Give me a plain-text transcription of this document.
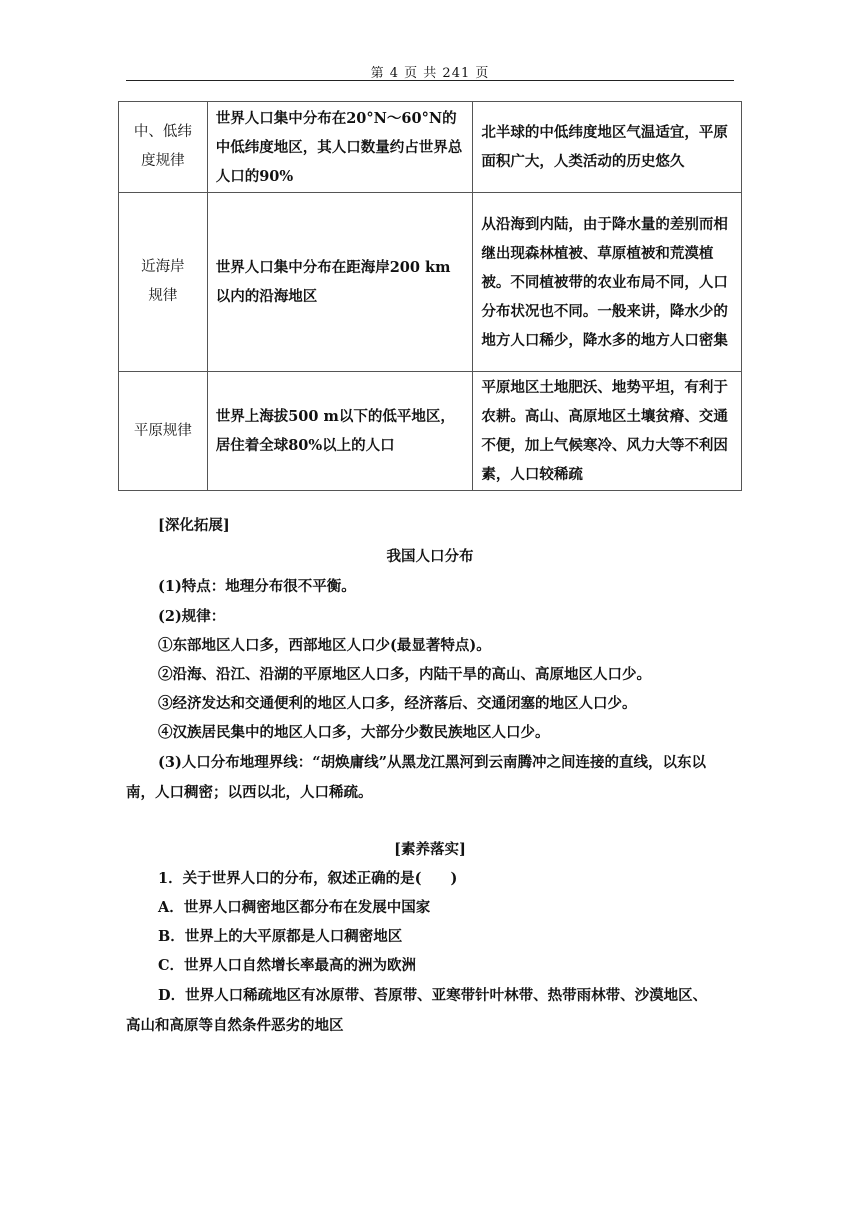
第 4 页 共 241 页
中、低纬
度规律	世界人口集中分布在20°N～60°N的中低纬度地区，其人口数量约占世界总人口的90%	北半球的中低纬度地区气温适宜，平原面积广大，人类活动的历史悠久
近海岸
规律	世界人口集中分布在距海岸200 km以内的沿海地区	从沿海到内陆，由于降水量的差别而相继出现森林植被、草原植被和荒漠植被。不同植被带的农业布局不同，人口分布状况也不同。一般来讲，降水少的地方人口稀少，降水多的地方人口密集
平原规律	世界上海拔500 m以下的低平地区，居住着全球80%以上的人口	平原地区土地肥沃、地势平坦，有利于农耕。高山、高原地区土壤贫瘠、交通不便，加上气候寒冷、风力大等不利因素，人口较稀疏
[深化拓展]
我国人口分布
(1)特点：地理分布很不平衡。
(2)规律：
①东部地区人口多，西部地区人口少(最显著特点)。
②沿海、沿江、沿湖的平原地区人口多，内陆干旱的高山、高原地区人口少。
③经济发达和交通便利的地区人口多，经济落后、交通闭塞的地区人口少。
④汉族居民集中的地区人口多，大部分少数民族地区人口少。
(3)人口分布地理界线：“胡焕庸线”从黑龙江黑河到云南腾冲之间连接的直线，以东以
南，人口稠密；以西以北，人口稀疏。
[素养落实]
1．关于世界人口的分布，叙述正确的是(　　)
A．世界人口稠密地区都分布在发展中国家
B．世界上的大平原都是人口稠密地区
C．世界人口自然增长率最高的洲为欧洲
D．世界人口稀疏地区有冰原带、苔原带、亚寒带针叶林带、热带雨林带、沙漠地区、
高山和高原等自然条件恶劣的地区
